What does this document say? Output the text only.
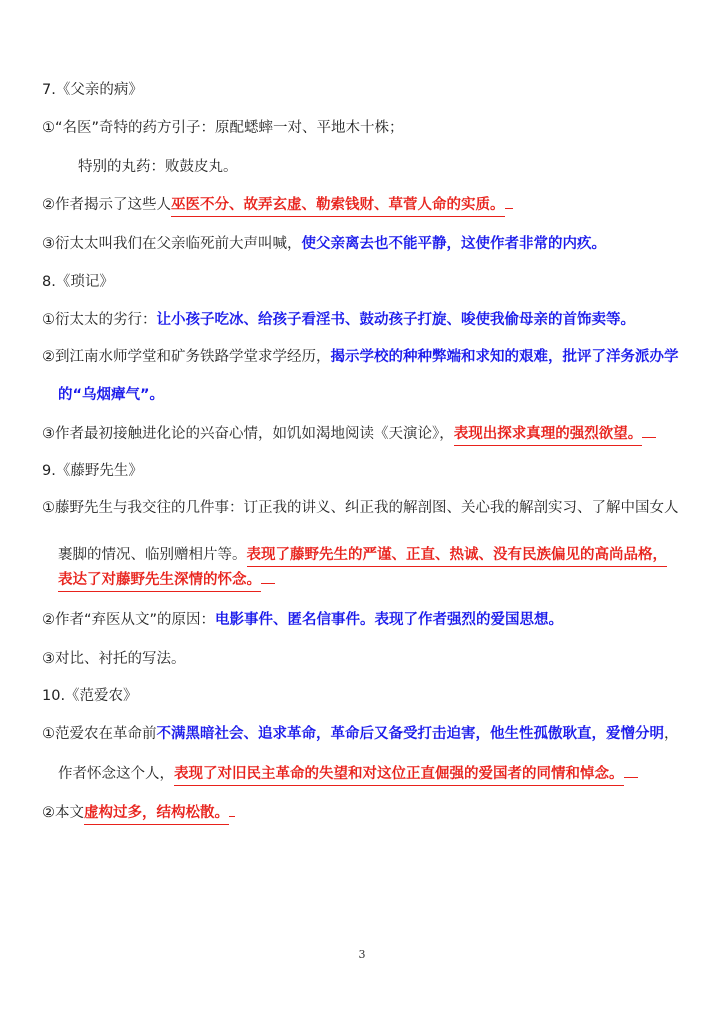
7.《父亲的病》
①“名医”奇特的药方引子：原配蟋蟀一对、平地木十株；
特别的丸药：败鼓皮丸。
②作者揭示了这些人巫医不分、故弄玄虚、勒索钱财、草菅人命的实质。
③衍太太叫我们在父亲临死前大声叫喊，使父亲离去也不能平静，这使作者非常的内疚。
8.《琐记》
①衍太太的劣行：让小孩子吃冰、给孩子看淫书、鼓动孩子打旋、唆使我偷母亲的首饰卖等。
②到江南水师学堂和矿务铁路学堂求学经历，揭示学校的种种弊端和求知的艰难，批评了洋务派办学
的“乌烟瘴气”。
③作者最初接触进化论的兴奋心情，如饥如渴地阅读《天演论》，表现出探求真理的强烈欲望。
9.《藤野先生》
①藤野先生与我交往的几件事：订正我的讲义、纠正我的解剖图、关心我的解剖实习、了解中国女人
裹脚的情况、临别赠相片等。表现了藤野先生的严谨、正直、热诚、没有民族偏见的高尚品格，
表达了对藤野先生深情的怀念。
②作者“弃医从文”的原因：电影事件、匿名信事件。表现了作者强烈的爱国思想。
③对比、衬托的写法。
10.《范爱农》
①范爱农在革命前不满黑暗社会、追求革命，革命后又备受打击迫害，他生性孤傲耿直，爱憎分明，
作者怀念这个人，表现了对旧民主革命的失望和对这位正直倔强的爱国者的同情和悼念。
②本文虚构过多，结构松散。
3
